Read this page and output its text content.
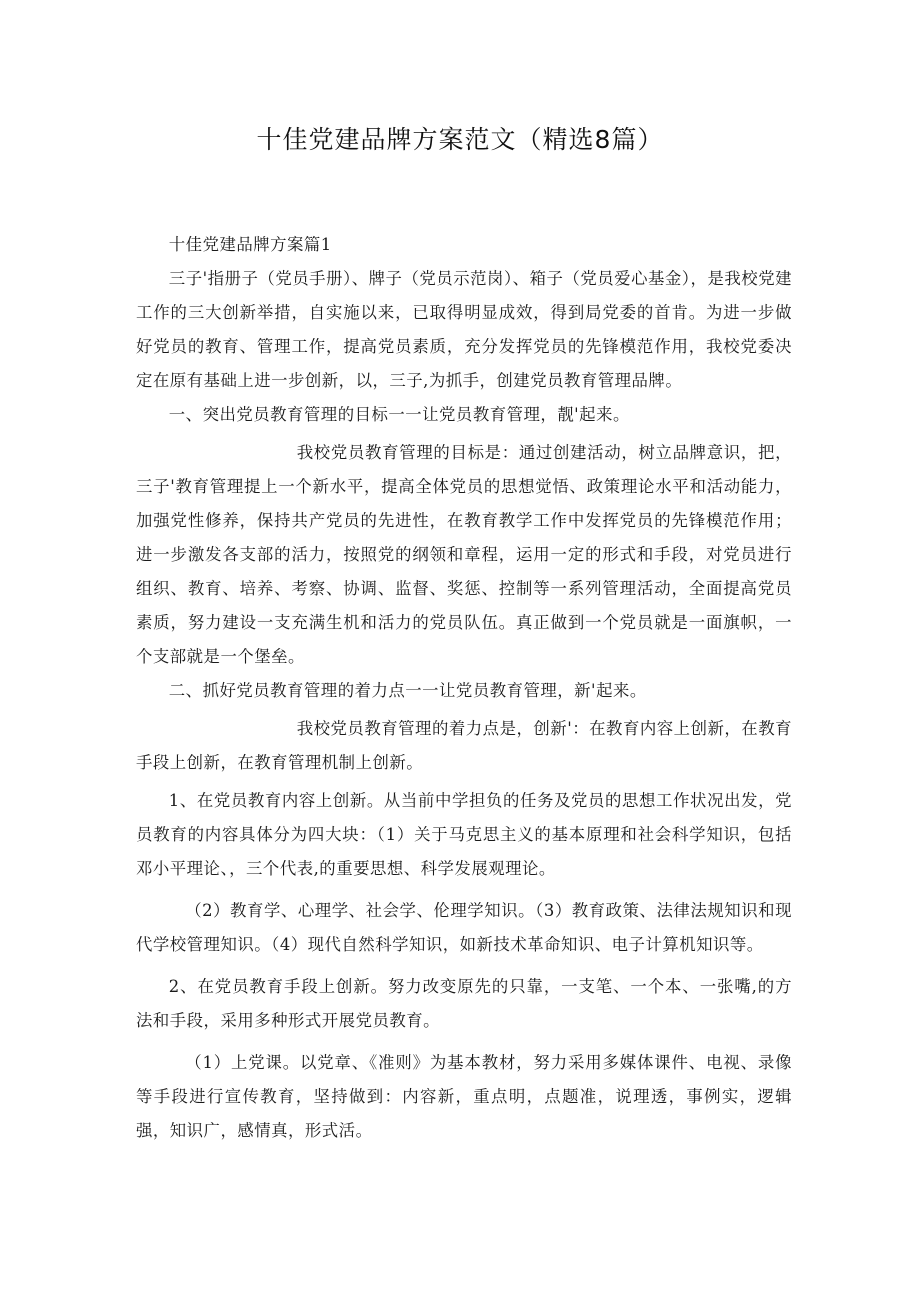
十佳党建品牌方案范文（精选8篇）

十佳党建品牌方案篇1

三子'指册子（党员手册）、牌子（党员示范岗）、箱子（党员爱心基金），是我校党建工作的三大创新举措，自实施以来，已取得明显成效，得到局党委的首肯。为进一步做好党员的教育、管理工作，提高党员素质，充分发挥党员的先锋模范作用，我校党委决定在原有基础上进一步创新，以，三子,为抓手，创建党员教育管理品牌。

一、突出党员教育管理的目标一一让党员教育管理，靓'起来。

我校党员教育管理的目标是：通过创建活动，树立品牌意识，把，三子'教育管理提上一个新水平，提高全体党员的思想觉悟、政策理论水平和活动能力，加强党性修养，保持共产党员的先进性，在教育教学工作中发挥党员的先锋模范作用；进一步激发各支部的活力，按照党的纲领和章程，运用一定的形式和手段，对党员进行组织、教育、培养、考察、协调、监督、奖惩、控制等一系列管理活动，全面提高党员素质，努力建设一支充满生机和活力的党员队伍。真正做到一个党员就是一面旗帜，一个支部就是一个堡垒。

二、抓好党员教育管理的着力点一一让党员教育管理，新'起来。

我校党员教育管理的着力点是，创新'：在教育内容上创新，在教育手段上创新，在教育管理机制上创新。

1、在党员教育内容上创新。从当前中学担负的任务及党员的思想工作状况出发，党员教育的内容具体分为四大块：（1）关于马克思主义的基本原理和社会科学知识，包括邓小平理论、，三个代表,的重要思想、科学发展观理论。

（2）教育学、心理学、社会学、伦理学知识。（3）教育政策、法律法规知识和现代学校管理知识。（4）现代自然科学知识，如新技术革命知识、电子计算机知识等。

2、在党员教育手段上创新。努力改变原先的只靠，一支笔、一个本、一张嘴,的方法和手段，采用多种形式开展党员教育。

（1）上党课。以党章、《准则》为基本教材，努力采用多媒体课件、电视、录像等手段进行宣传教育，坚持做到：内容新，重点明，点题准，说理透，事例实，逻辑强，知识广，感情真，形式活。
